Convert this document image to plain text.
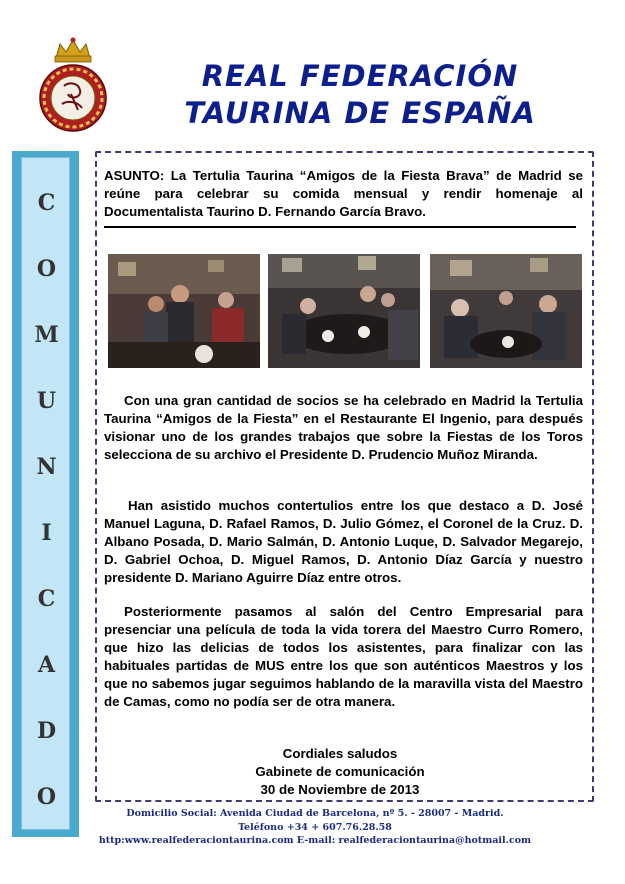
REAL FEDERACIÓN
TAURINA DE ESPAÑA
C
O
M
U
N
I
C
A
D
O
ASUNTO: La Tertulia Taurina “Amigos de la Fiesta Brava” de Madrid se reúne para celebrar su comida mensual y rendir homenaje al Documentalista Taurino D. Fernando García Bravo.
Con una gran cantidad de socios se ha celebrado en Madrid la Tertulia Taurina “Amigos de la Fiesta” en el Restaurante El Ingenio, para después visionar uno de los grandes trabajos que sobre la Fiestas de los Toros selecciona de su archivo el Presidente D. Prudencio Muñoz Miranda.
Han asistido muchos contertulios entre los que destaco a D. José Manuel Laguna, D. Rafael Ramos, D. Julio Gómez, el Coronel de la Cruz. D. Albano Posada, D. Mario Salmán, D. Antonio Luque, D. Salvador Megarejo, D. Gabriel Ochoa, D. Miguel Ramos, D. Antonio Díaz García y nuestro presidente D. Mariano Aguirre Díaz entre otros.
Posteriormente pasamos al salón del Centro Empresarial para presenciar una película de toda la vida torera del Maestro Curro Romero, que hizo las delicias de todos los asistentes, para finalizar con las habituales partidas de MUS entre los que son auténticos Maestros y los que no sabemos jugar seguimos hablando de la maravilla vista del Maestro de Camas, como no podía ser de otra manera.
Cordiales saludos
Gabinete de comunicación
30 de Noviembre de 2013
Domicilio Social: Avenida Ciudad de Barcelona, nº 5. - 28007 - Madrid.
Teléfono +34 + 607.76.28.58
http:www.realfederaciontaurina.com E-mail: realfederaciontaurina@hotmail.com
